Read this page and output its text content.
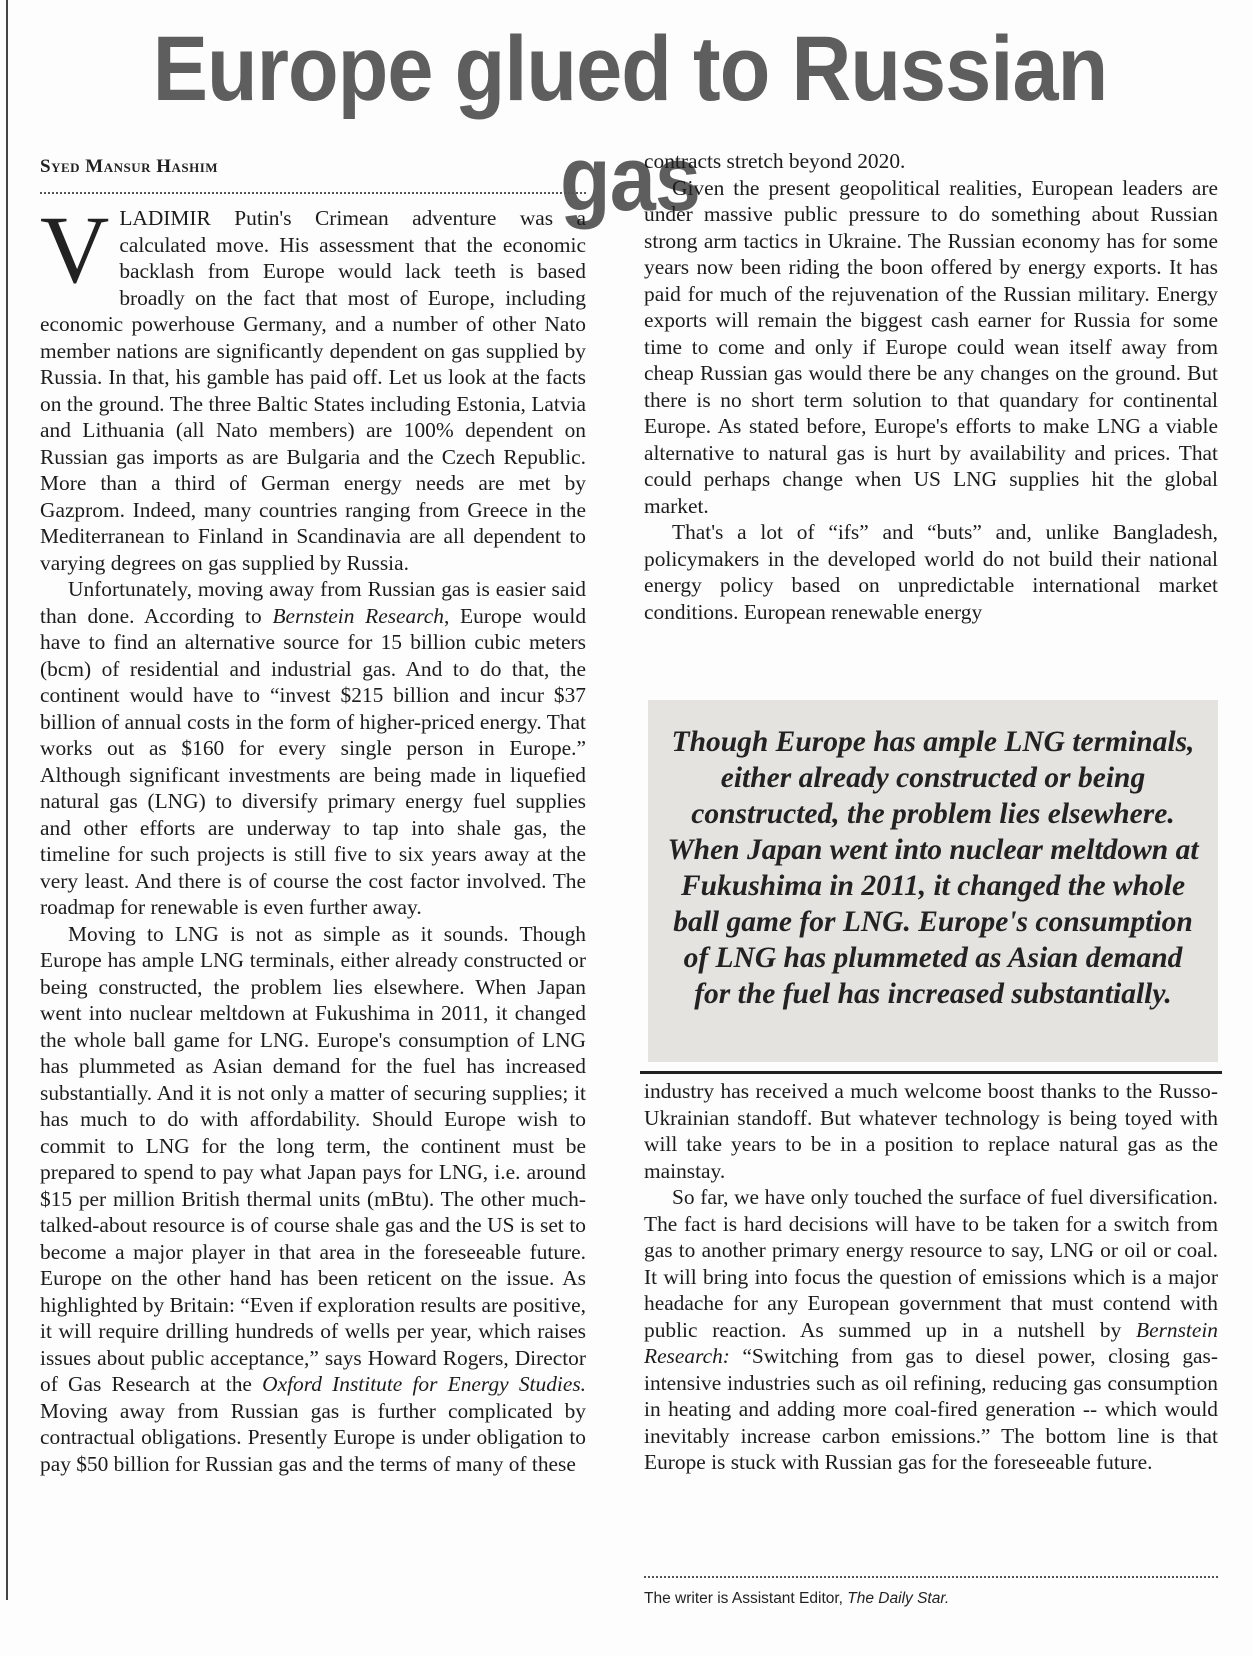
Europe glued to Russian gas
Syed Mansur Hashim

VLADIMIR Putin's Crimean adventure was a calculated move. His assessment that the economic backlash from Europe would lack teeth is based broadly on the fact that most of Europe, including economic powerhouse Germany, and a number of other Nato member nations are significantly dependent on gas supplied by Russia. In that, his gamble has paid off. Let us look at the facts on the ground. The three Baltic States including Estonia, Latvia and Lithuania (all Nato members) are 100% dependent on Russian gas imports as are Bulgaria and the Czech Republic. More than a third of German energy needs are met by Gazprom. Indeed, many countries ranging from Greece in the Mediterranean to Finland in Scandinavia are all dependent to varying degrees on gas supplied by Russia.

Unfortunately, moving away from Russian gas is easier said than done. According to Bernstein Research, Europe would have to find an alternative source for 15 billion cubic meters (bcm) of residential and industrial gas. And to do that, the continent would have to “invest $215 billion and incur $37 billion of annual costs in the form of higher-priced energy. That works out as $160 for every single person in Europe.” Although significant investments are being made in liquefied natural gas (LNG) to diversify primary energy fuel supplies and other efforts are underway to tap into shale gas, the timeline for such projects is still five to six years away at the very least. And there is of course the cost factor involved. The roadmap for renewable is even further away.

Moving to LNG is not as simple as it sounds. Though Europe has ample LNG terminals, either already constructed or being constructed, the problem lies elsewhere. When Japan went into nuclear meltdown at Fukushima in 2011, it changed the whole ball game for LNG. Europe's consumption of LNG has plummeted as Asian demand for the fuel has increased substantially. And it is not only a matter of securing supplies; it has much to do with affordability. Should Europe wish to commit to LNG for the long term, the continent must be prepared to spend to pay what Japan pays for LNG, i.e. around $15 per million British thermal units (mBtu). The other much-talked-about resource is of course shale gas and the US is set to become a major player in that area in the foreseeable future. Europe on the other hand has been reticent on the issue. As highlighted by Britain: “Even if exploration results are positive, it will require drilling hundreds of wells per year, which raises issues about public acceptance,” says Howard Rogers, Director of Gas Research at the Oxford Institute for Energy Studies. Moving away from Russian gas is further complicated by contractual obligations. Presently Europe is under obligation to pay $50 billion for Russian gas and the terms of many of these

contracts stretch beyond 2020.

Given the present geopolitical realities, European leaders are under massive public pressure to do something about Russian strong arm tactics in Ukraine. The Russian economy has for some years now been riding the boon offered by energy exports. It has paid for much of the rejuvenation of the Russian military. Energy exports will remain the biggest cash earner for Russia for some time to come and only if Europe could wean itself away from cheap Russian gas would there be any changes on the ground. But there is no short term solution to that quandary for continental Europe. As stated before, Europe's efforts to make LNG a viable alternative to natural gas is hurt by availability and prices. That could perhaps change when US LNG supplies hit the global market.

That's a lot of “ifs” and “buts” and, unlike Bangladesh, policymakers in the developed world do not build their national energy policy based on unpredictable international market conditions. European renewable energy

Though Europe has ample LNG terminals, either already constructed or being constructed, the problem lies elsewhere. When Japan went into nuclear meltdown at Fukushima in 2011, it changed the whole ball game for LNG. Europe's consumption of LNG has plummeted as Asian demand for the fuel has increased substantially.

industry has received a much welcome boost thanks to the Russo-Ukrainian standoff. But whatever technology is being toyed with will take years to be in a position to replace natural gas as the mainstay.

So far, we have only touched the surface of fuel diversification. The fact is hard decisions will have to be taken for a switch from gas to another primary energy resource to say, LNG or oil or coal. It will bring into focus the question of emissions which is a major headache for any European government that must contend with public reaction. As summed up in a nutshell by Bernstein Research: “Switching from gas to diesel power, closing gas-intensive industries such as oil refining, reducing gas consumption in heating and adding more coal-fired generation -- which would inevitably increase carbon emissions.” The bottom line is that Europe is stuck with Russian gas for the foreseeable future.

The writer is Assistant Editor, The Daily Star.
